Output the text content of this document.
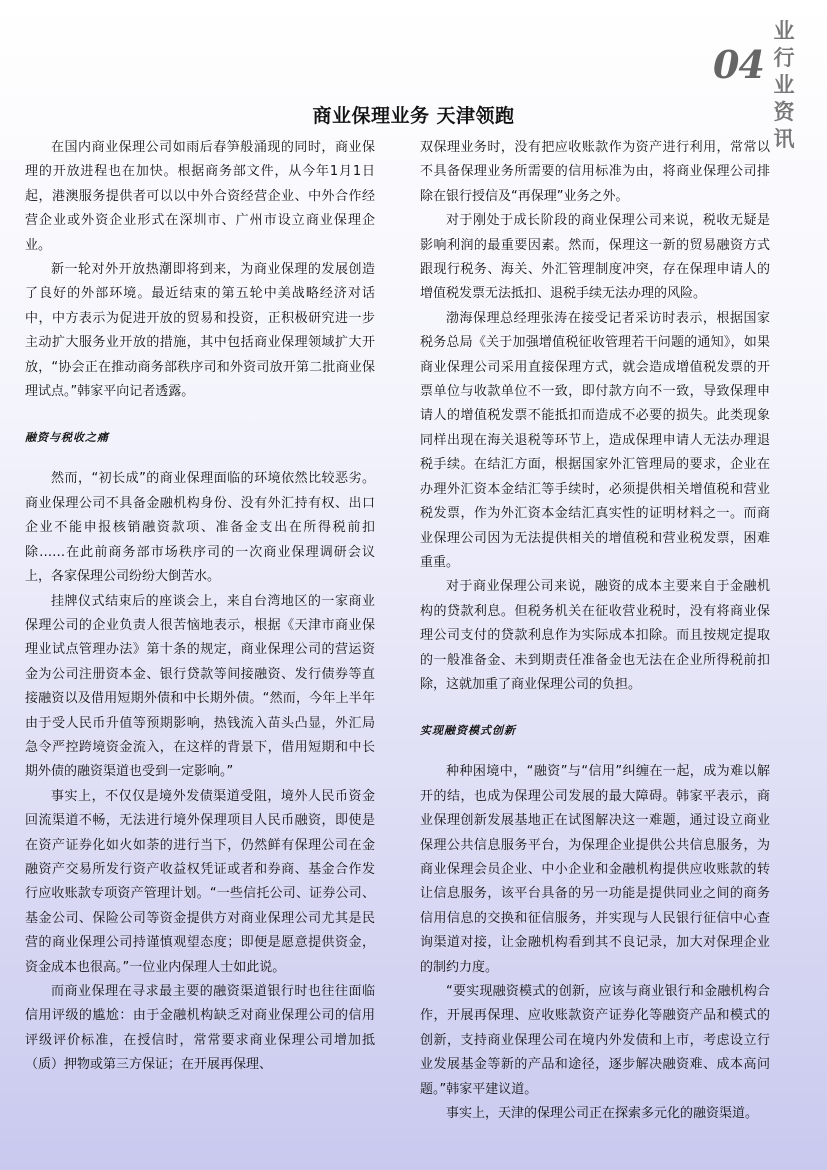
04
业
行
业
资
讯
商业保理业务 天津领跑

在国内商业保理公司如雨后春笋般涌现的同时，商业保理的开放进程也在加快。根据商务部文件，从今年1月1日起，港澳服务提供者可以以中外合资经营企业、中外合作经营企业或外资企业形式在深圳市、广州市设立商业保理企业。

新一轮对外开放热潮即将到来，为商业保理的发展创造了良好的外部环境。最近结束的第五轮中美战略经济对话中，中方表示为促进开放的贸易和投资，正积极研究进一步主动扩大服务业开放的措施，其中包括商业保理领域扩大开放，“协会正在推动商务部秩序司和外资司放开第二批商业保理试点。”韩家平向记者透露。

融资与税收之痛

然而，“初长成”的商业保理面临的环境依然比较恶劣。商业保理公司不具备金融机构身份、没有外汇持有权、出口企业不能申报核销融资款项、准备金支出在所得税前扣除……在此前商务部市场秩序司的一次商业保理调研会议上，各家保理公司纷纷大倒苦水。

挂牌仪式结束后的座谈会上，来自台湾地区的一家商业保理公司的企业负责人很苦恼地表示，根据《天津市商业保理业试点管理办法》第十条的规定，商业保理公司的营运资金为公司注册资本金、银行贷款等间接融资、发行债券等直接融资以及借用短期外债和中长期外债。“然而，今年上半年由于受人民币升值等预期影响，热钱流入苗头凸显，外汇局急令严控跨境资金流入，在这样的背景下，借用短期和中长期外债的融资渠道也受到一定影响。”

事实上，不仅仅是境外发债渠道受阻，境外人民币资金回流渠道不畅，无法进行境外保理项目人民币融资，即使是在资产证券化如火如荼的进行当下，仍然鲜有保理公司在金融资产交易所发行资产收益权凭证或者和券商、基金合作发行应收账款专项资产管理计划。“一些信托公司、证券公司、基金公司、保险公司等资金提供方对商业保理公司尤其是民营的商业保理公司持谨慎观望态度；即便是愿意提供资金，资金成本也很高。”一位业内保理人士如此说。

而商业保理在寻求最主要的融资渠道银行时也往往面临信用评级的尴尬：由于金融机构缺乏对商业保理公司的信用评级评价标准，在授信时，常常要求商业保理公司增加抵（质）押物或第三方保证；在开展再保理、

双保理业务时，没有把应收账款作为资产进行利用，常常以不具备保理业务所需要的信用标准为由，将商业保理公司排除在银行授信及“再保理”业务之外。

对于刚处于成长阶段的商业保理公司来说，税收无疑是影响利润的最重要因素。然而，保理这一新的贸易融资方式跟现行税务、海关、外汇管理制度冲突，存在保理申请人的增值税发票无法抵扣、退税手续无法办理的风险。

渤海保理总经理张涛在接受记者采访时表示，根据国家税务总局《关于加强增值税征收管理若干问题的通知》，如果商业保理公司采用直接保理方式，就会造成增值税发票的开票单位与收款单位不一致，即付款方向不一致，导致保理申请人的增值税发票不能抵扣而造成不必要的损失。此类现象同样出现在海关退税等环节上，造成保理申请人无法办理退税手续。在结汇方面，根据国家外汇管理局的要求，企业在办理外汇资本金结汇等手续时，必须提供相关增值税和营业税发票，作为外汇资本金结汇真实性的证明材料之一。而商业保理公司因为无法提供相关的增值税和营业税发票，困难重重。

对于商业保理公司来说，融资的成本主要来自于金融机构的贷款利息。但税务机关在征收营业税时，没有将商业保理公司支付的贷款利息作为实际成本扣除。而且按规定提取的一般准备金、未到期责任准备金也无法在企业所得税前扣除，这就加重了商业保理公司的负担。

实现融资模式创新

种种困境中，“融资”与“信用”纠缠在一起，成为难以解开的结，也成为保理公司发展的最大障碍。韩家平表示，商业保理创新发展基地正在试图解决这一难题，通过设立商业保理公共信息服务平台，为保理企业提供公共信息服务，为商业保理会员企业、中小企业和金融机构提供应收账款的转让信息服务，该平台具备的另一功能是提供同业之间的商务信用信息的交换和征信服务，并实现与人民银行征信中心查询渠道对接，让金融机构看到其不良记录，加大对保理企业的制约力度。

“要实现融资模式的创新，应该与商业银行和金融机构合作，开展再保理、应收账款资产证券化等融资产品和模式的创新，支持商业保理公司在境内外发债和上市，考虑设立行业发展基金等新的产品和途径，逐步解决融资难、成本高问题。”韩家平建议道。

事实上，天津的保理公司正在探索多元化的融资渠道。
